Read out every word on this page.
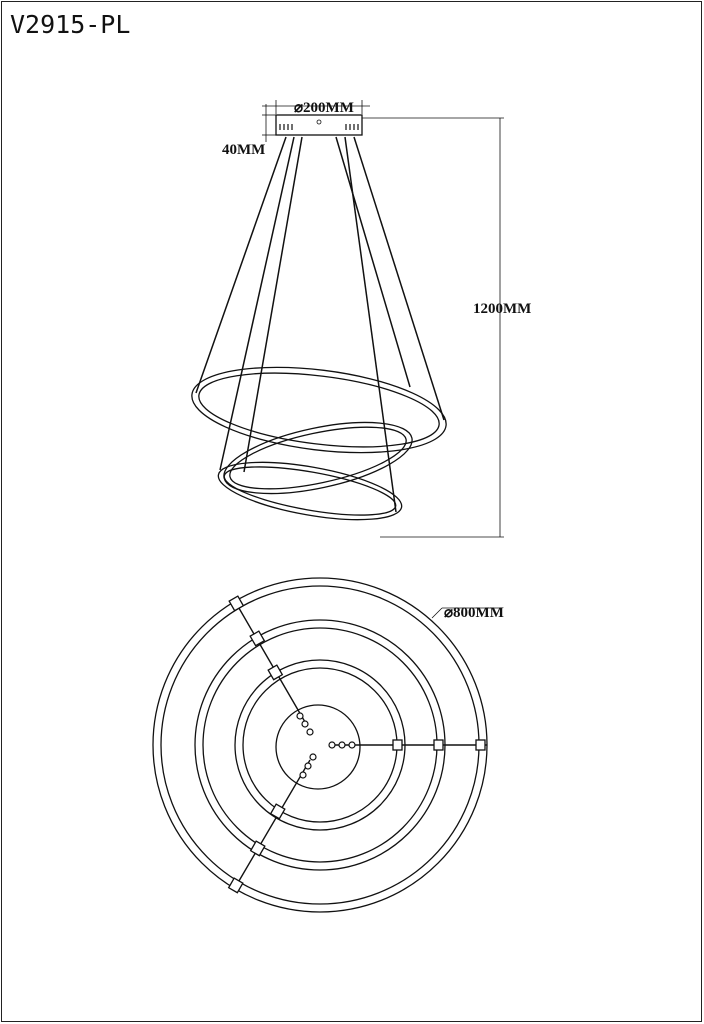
V2915-PL
⌀200MM
40MM
1200MM
⌀800MM
